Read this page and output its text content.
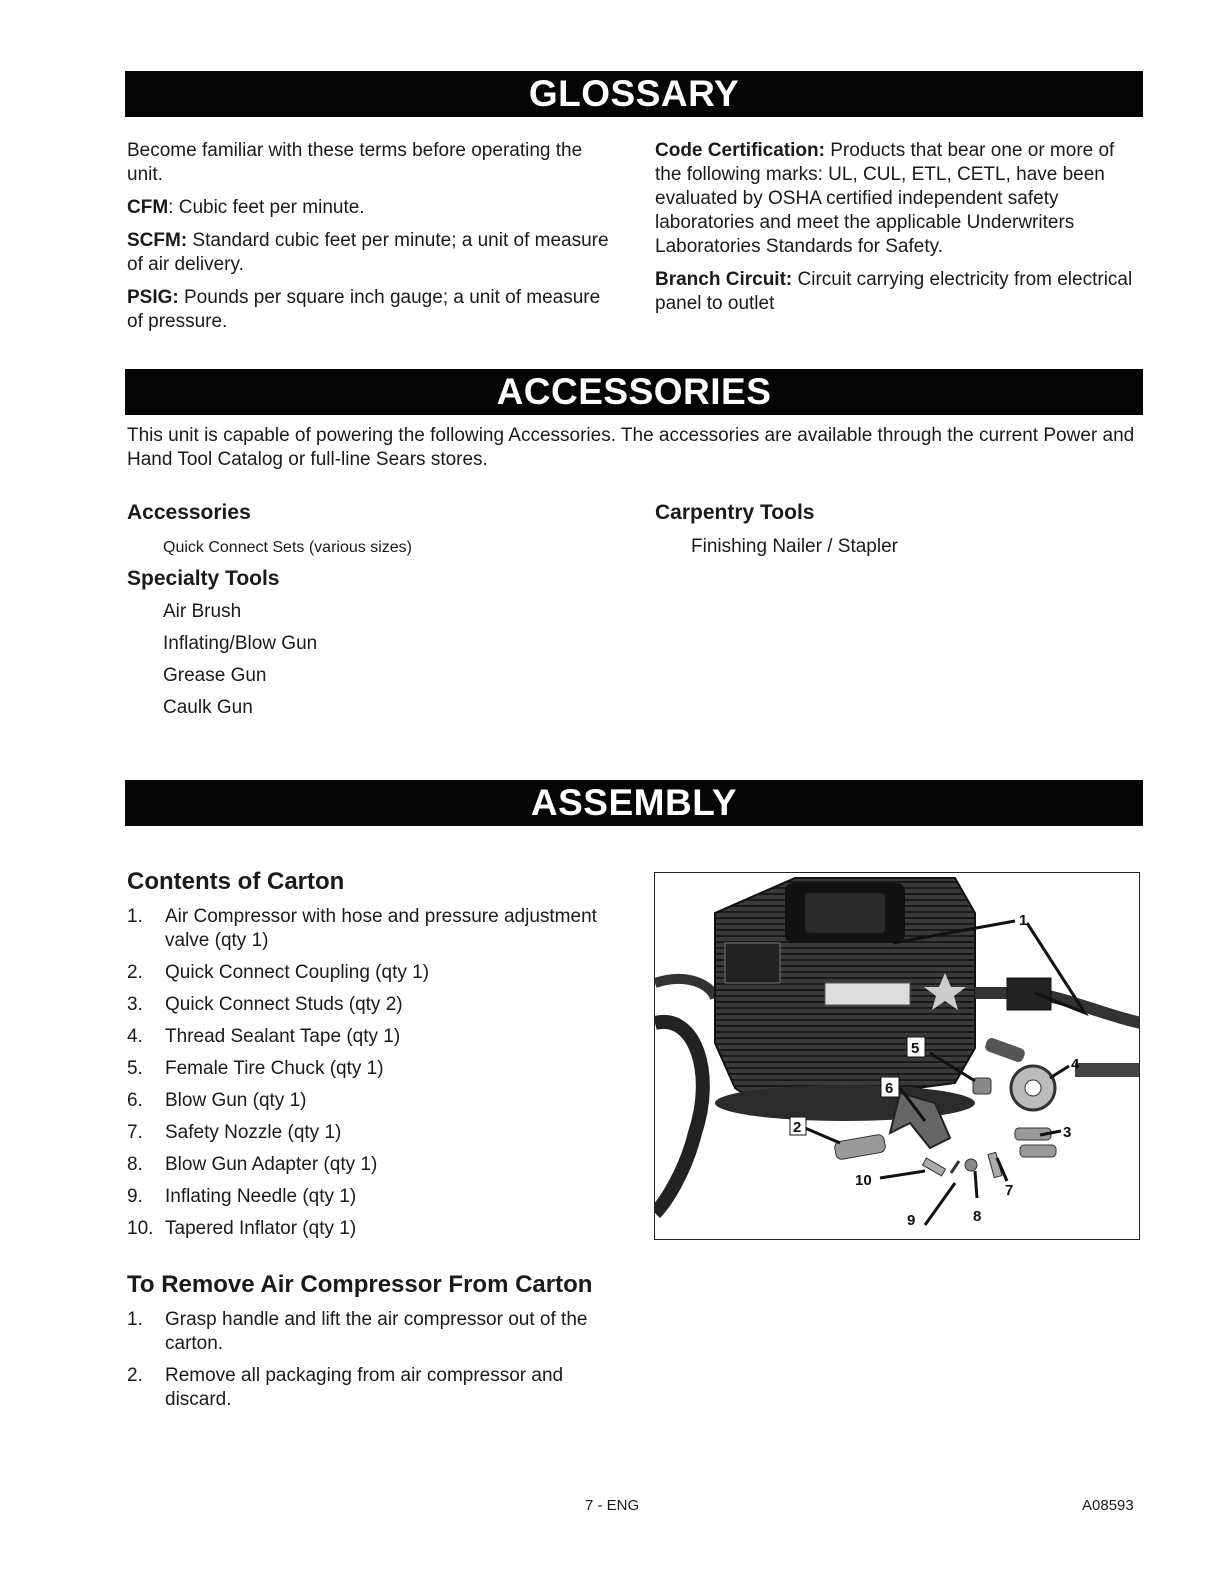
GLOSSARY

Become familiar with these terms before operating the unit.

CFM: Cubic feet per minute.

SCFM: Standard cubic feet per minute; a unit of measure of air delivery.

PSIG: Pounds per square inch gauge; a unit of measure of pressure.

Code Certification: Products that bear one or more of the following marks: UL, CUL, ETL, CETL, have been evaluated by OSHA certified independent safety laboratories and meet the applicable Underwriters Laboratories Standards for Safety.

Branch Circuit: Circuit carrying electricity from electrical panel to outlet

ACCESSORIES
This unit is capable of powering the following Accessories. The accessories are available through the current Power and Hand Tool Catalog or full-line Sears stores.
Accessories
Quick Connect Sets (various sizes)
Specialty Tools
Air Brush
Inflating/Blow Gun
Grease Gun
Caulk Gun
Carpentry Tools
Finishing Nailer / Stapler
ASSEMBLY
Contents of Carton
1. Air Compressor with hose and pressure adjustment valve (qty 1)
2. Quick Connect Coupling (qty 1)
3. Quick Connect Studs (qty 2)
4. Thread Sealant Tape (qty 1)
5. Female Tire Chuck (qty 1)
6. Blow Gun (qty 1)
7. Safety Nozzle (qty 1)
8. Blow Gun Adapter (qty 1)
9. Inflating Needle (qty 1)
10. Tapered Inflator (qty 1)
To Remove Air Compressor From Carton
1. Grasp handle and lift the air compressor out of the carton.
2. Remove all packaging from air compressor and discard.
1
2	3
4
5
6
7
8
9
10
7 - ENG	A08593
